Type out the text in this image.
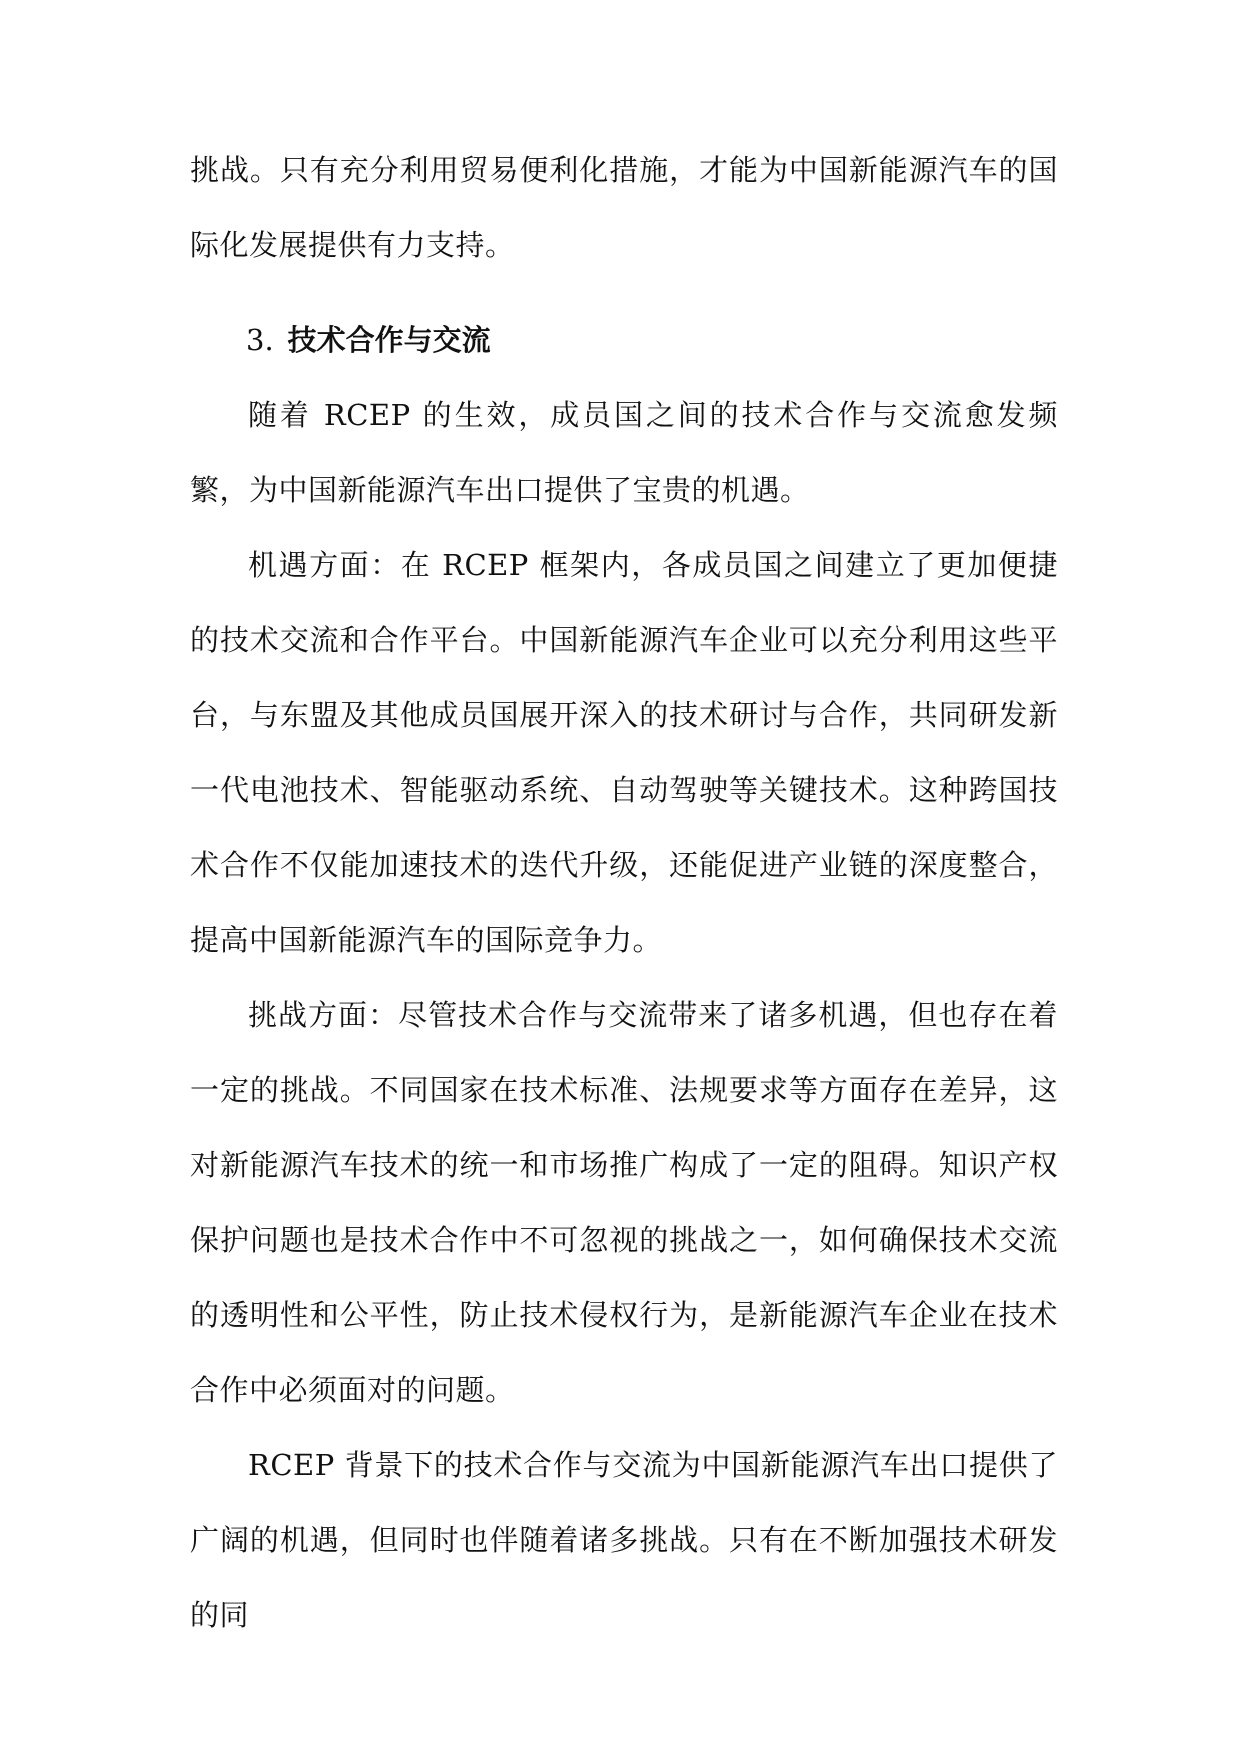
挑战。只有充分利用贸易便利化措施，才能为中国新能源汽车的国际化发展提供有力支持。

3. 技术合作与交流

随着 RCEP 的生效，成员国之间的技术合作与交流愈发频繁，为中国新能源汽车出口提供了宝贵的机遇。

机遇方面：在 RCEP 框架内，各成员国之间建立了更加便捷的技术交流和合作平台。中国新能源汽车企业可以充分利用这些平台，与东盟及其他成员国展开深入的技术研讨与合作，共同研发新一代电池技术、智能驱动系统、自动驾驶等关键技术。这种跨国技术合作不仅能加速技术的迭代升级，还能促进产业链的深度整合，提高中国新能源汽车的国际竞争力。

挑战方面：尽管技术合作与交流带来了诸多机遇，但也存在着一定的挑战。不同国家在技术标准、法规要求等方面存在差异，这对新能源汽车技术的统一和市场推广构成了一定的阻碍。知识产权保护问题也是技术合作中不可忽视的挑战之一，如何确保技术交流的透明性和公平性，防止技术侵权行为，是新能源汽车企业在技术合作中必须面对的问题。

RCEP 背景下的技术合作与交流为中国新能源汽车出口提供了广阔的机遇，但同时也伴随着诸多挑战。只有在不断加强技术研发的同
